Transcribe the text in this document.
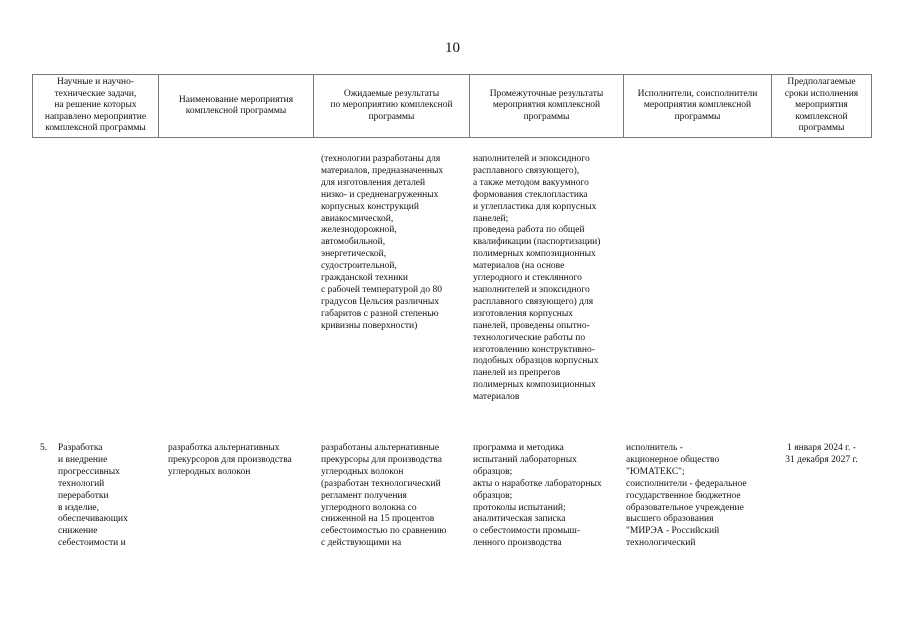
10
Научные и научно-
технические задачи,
на решение которых
направлено мероприятие
комплексной программы
Наименование мероприятия
комплексной программы
Ожидаемые результаты
по мероприятию комплексной
программы
Промежуточные результаты
мероприятия комплексной
программы
Исполнители, соисполнители
мероприятия комплексной
программы
Предполагаемые
сроки исполнения
мероприятия
комплексной
программы
(технологии разработаны для
материалов, предназначенных
для изготовления деталей
низко- и средненагруженных
корпусных конструкций
авиакосмической,
железнодорожной,
автомобильной,
энергетической,
судостроительной,
гражданской техники
с рабочей температурой до 80
градусов Цельсия различных
габаритов с разной степенью
кривизны поверхности)
наполнителей и эпоксидного
расплавного связующего),
а также методом вакуумного
формования стеклопластика
и углепластика для корпусных
панелей;
проведена работа по общей
квалификации (паспортизации)
полимерных композиционных
материалов (на основе
углеродного и стеклянного
наполнителей и эпоксидного
расплавного связующего) для
изготовления корпусных
панелей, проведены опытно-
технологические работы по
изготовлению конструктивно-
подобных образцов корпусных
панелей из препрегов
полимерных композиционных
материалов
5. Разработка
и внедрение
прогрессивных
технологий
переработки
в изделие,
обеспечивающих
снижение
себестоимости и
разработка альтернативных
прекурсоров для производства
углеродных волокон
разработаны альтернативные
прекурсоры для производства
углеродных волокон
(разработан технологический
регламент получения
углеродного волокна со
сниженной на 15 процентов
себестоимостью по сравнению
с действующими на
программа и методика
испытаний лабораторных
образцов;
акты о наработке лабораторных
образцов;
протоколы испытаний;
аналитическая записка
о себестоимости промыш-
ленного производства
исполнитель -
акционерное общество
"ЮМАТЕКС";
соисполнители - федеральное
государственное бюджетное
образовательное учреждение
высшего образования
"МИРЭА - Российский
технологический
1 января 2024 г. -
31 декабря 2027 г.
